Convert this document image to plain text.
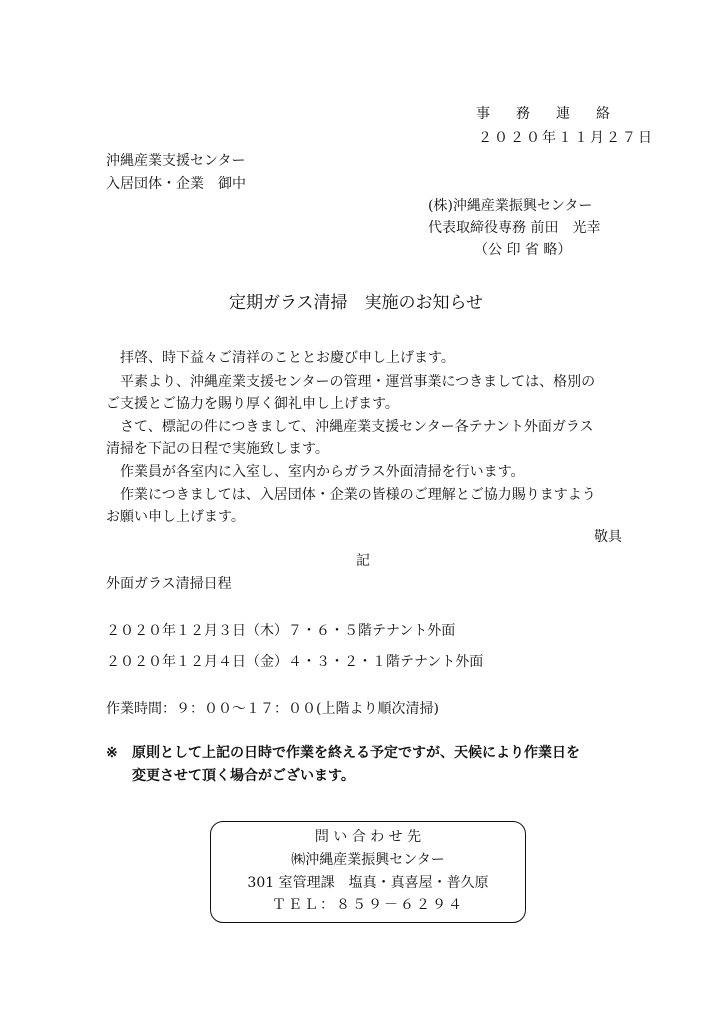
事務連絡
２０２０年１１月２７日
沖縄産業支援センター
入居団体・企業　御中
(株)沖縄産業振興センター
代表取締役専務 前田　光幸
（公 印 省 略）
定期ガラス清掃　実施のお知らせ
拝啓、時下益々ご清祥のこととお慶び申し上げます。
平素より、沖縄産業支援センターの管理・運営事業につきましては、格別の
ご支援とご協力を賜り厚く御礼申し上げます。
さて、標記の件につきまして、沖縄産業支援センター各テナント外面ガラス
清掃を下記の日程で実施致します。
作業員が各室内に入室し、室内からガラス外面清掃を行います。
作業につきましては、入居団体・企業の皆様のご理解とご協力賜りますよう
お願い申し上げます。
敬具
記
外面ガラス清掃日程
２０２０年１２月３日（木）７・６・５階テナント外面
２０２０年１２月４日（金）４・３・２・１階テナント外面
作業時間：９：００～１７：００(上階より順次清掃)
※ 原則として上記の日時で作業を終える予定ですが、天候により作業日を
変更させて頂く場合がございます。
問 い 合 わ せ 先
㈱沖縄産業振興センター
301 室管理課　塩真・真喜屋・普久原
ＴＥＬ：８５９－６２９４
